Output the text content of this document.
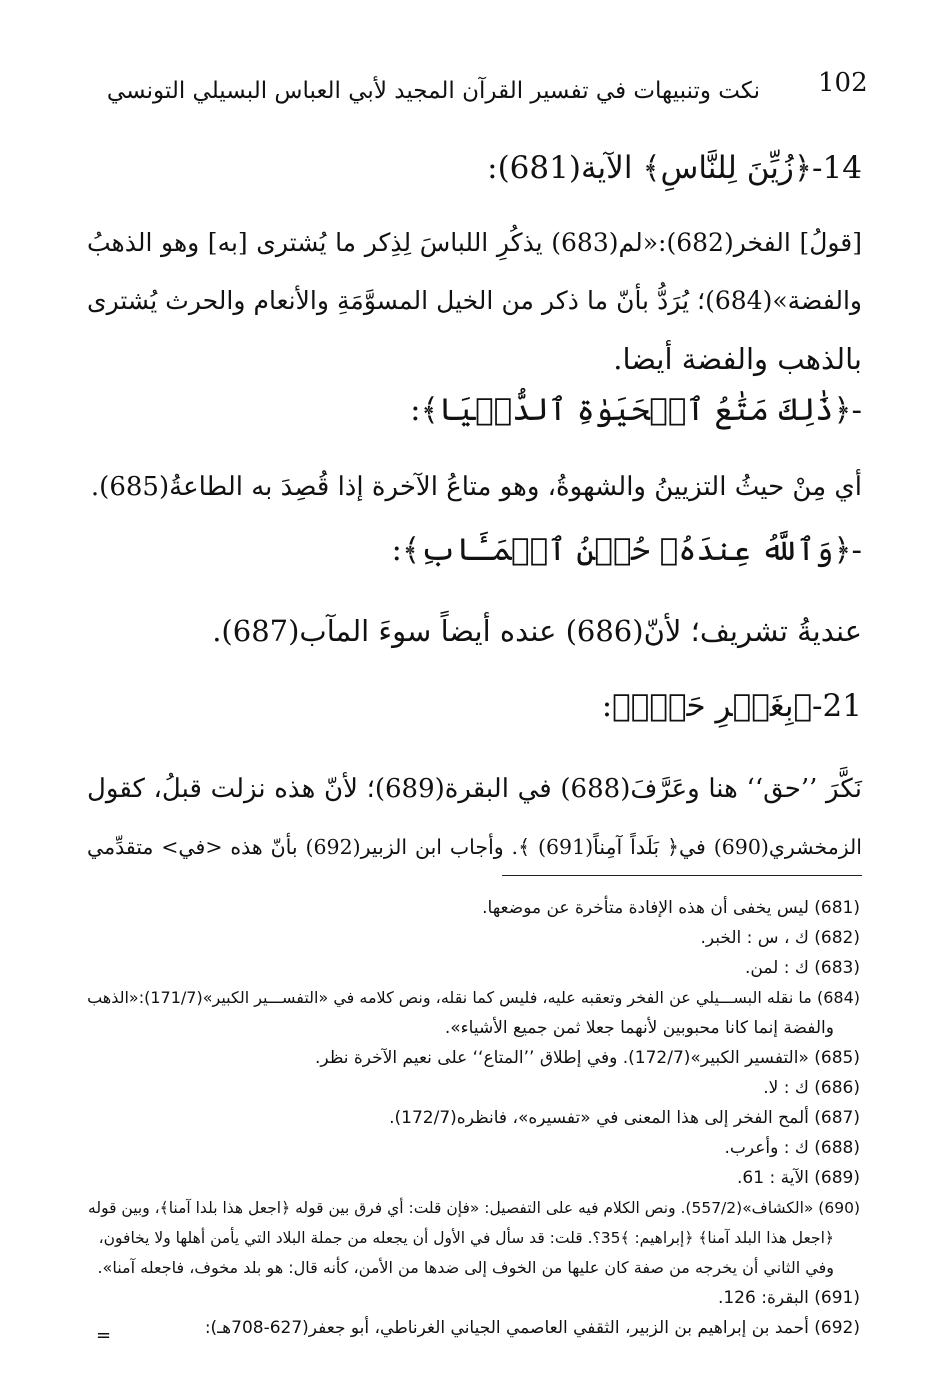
102
نكت وتنبيهات في تفسير القرآن المجيد لأبي العباس البسيلي التونسي
14-﴿زُيِّنَ لِلنَّاسِ﴾ الآية(681):
[قولُ] الفخر(682):«لم(683) يذكُرِ اللباسَ لِذِكر ما يُشترى [به] وهو الذهبُ
والفضة»(684)؛ يُرَدُّ بأنّ ما ذكر من الخيل المسوَّمَةِ والأنعام والحرث يُشترى
بالذهب والفضة أيضا.
-﴿ذَٰلِكَ مَتَٰعُ ٱلۡحَيَوٰةِ ٱلدُّنۡيَا﴾:
أي مِنْ حيثُ التزيينُ والشهوةُ، وهو متاعُ الآخرة إذا قُصِدَ به الطاعةُ(685).
-﴿وَٱللَّهُ عِندَهُۥ حُسۡنُ ٱلۡمَـَٔابِ﴾:
عنديةُ تشريف؛ لأنّ(686) عنده أيضاً سوءَ المآب(687).
21-﴿بِغَيۡرِ حَقّٖ﴾:
نَكَّرَ ’’حق‘‘ هنا وعَرَّفَ(688) في البقرة(689)؛ لأنّ هذه نزلت قبلُ، كقول
الزمخشري(690) في﴿ بَلَداً آمِناً(691) ﴾. وأجاب ابن الزبير(692) بأنّ هذه <في> متقدِّمي
(681) ليس يخفى أن هذه الإفادة متأخرة عن موضعها.
(682) ك ، س : الخبر.
(683) ك : لمن.
(684) ما نقله البســـيلي عن الفخر وتعقبه عليه، فليس كما نقله، ونص كلامه في «التفســـير الكبير»(171/7):«الذهب
والفضة إنما كانا محبوبين لأنهما جعلا ثمن جميع الأشياء».
(685) «التفسير الكبير»(172/7). وفي إطلاق ’’المتاع‘‘ على نعيم الآخرة نظر.
(686) ك : لا.
(687) ألمح الفخر إلى هذا المعنى في «تفسيره»، فانظره(172/7).
(688) ك : وأعرب.
(689) الآية : 61.
(690) «الكشاف»(557/2). ونص الكلام فيه على التفصيل: «فإن قلت: أي فرق بين قوله ﴿اجعل هذا بلدا آمنا﴾، وبين قوله
﴿اجعل هذا البلد آمنا﴾ ﴿إبراهيم: ﴾35؟. قلت: قد سأل في الأول أن يجعله من جملة البلاد التي يأمن أهلها ولا يخافون،
وفي الثاني أن يخرجه من صفة كان عليها من الخوف إلى ضدها من الأمن، كأنه قال: هو بلد مخوف، فاجعله آمنا».
(691) البقرة: 126.
(692) أحمد بن إبراهيم بن الزبير، الثقفي العاصمي الجياني الغرناطي، أبو جعفر(627-708هـ):
=
